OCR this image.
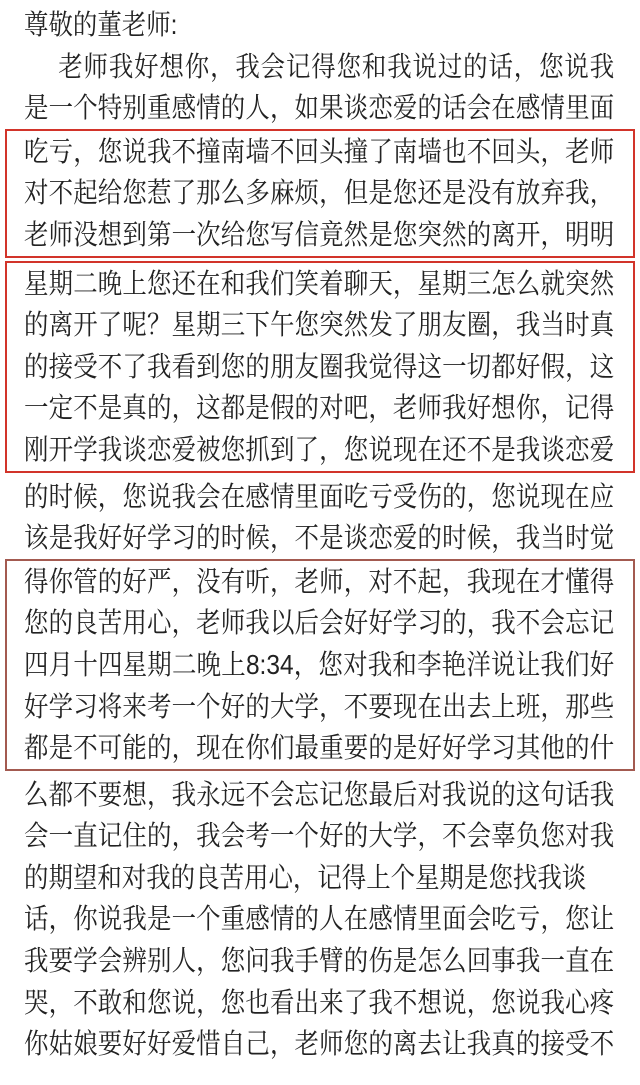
尊敬的董老师:
老师我好想你，我会记得您和我说过的话，您说我
是一个特别重感情的人，如果谈恋爱的话会在感情里面
吃亏，您说我不撞南墙不回头撞了南墙也不回头，老师
对不起给您惹了那么多麻烦，但是您还是没有放弃我，
老师没想到第一次给您写信竟然是您突然的离开，明明
星期二晚上您还在和我们笑着聊天，星期三怎么就突然
的离开了呢？星期三下午您突然发了朋友圈，我当时真
的接受不了我看到您的朋友圈我觉得这一切都好假，这
一定不是真的，这都是假的对吧，老师我好想你，记得
刚开学我谈恋爱被您抓到了，您说现在还不是我谈恋爱
的时候，您说我会在感情里面吃亏受伤的，您说现在应
该是我好好学习的时候，不是谈恋爱的时候，我当时觉
得你管的好严，没有听，老师，对不起，我现在才懂得
您的良苦用心，老师我以后会好好学习的，我不会忘记
四月十四星期二晚上8:34，您对我和李艳洋说让我们好
好学习将来考一个好的大学，不要现在出去上班，那些
都是不可能的，现在你们最重要的是好好学习其他的什
么都不要想，我永远不会忘记您最后对我说的这句话我
会一直记住的，我会考一个好的大学，不会辜负您对我
的期望和对我的良苦用心，记得上个星期是您找我谈
话，你说我是一个重感情的人在感情里面会吃亏，您让
我要学会辨别人，您问我手臂的伤是怎么回事我一直在
哭，不敢和您说，您也看出来了我不想说，您说我心疼
你姑娘要好好爱惜自己，老师您的离去让我真的接受不
